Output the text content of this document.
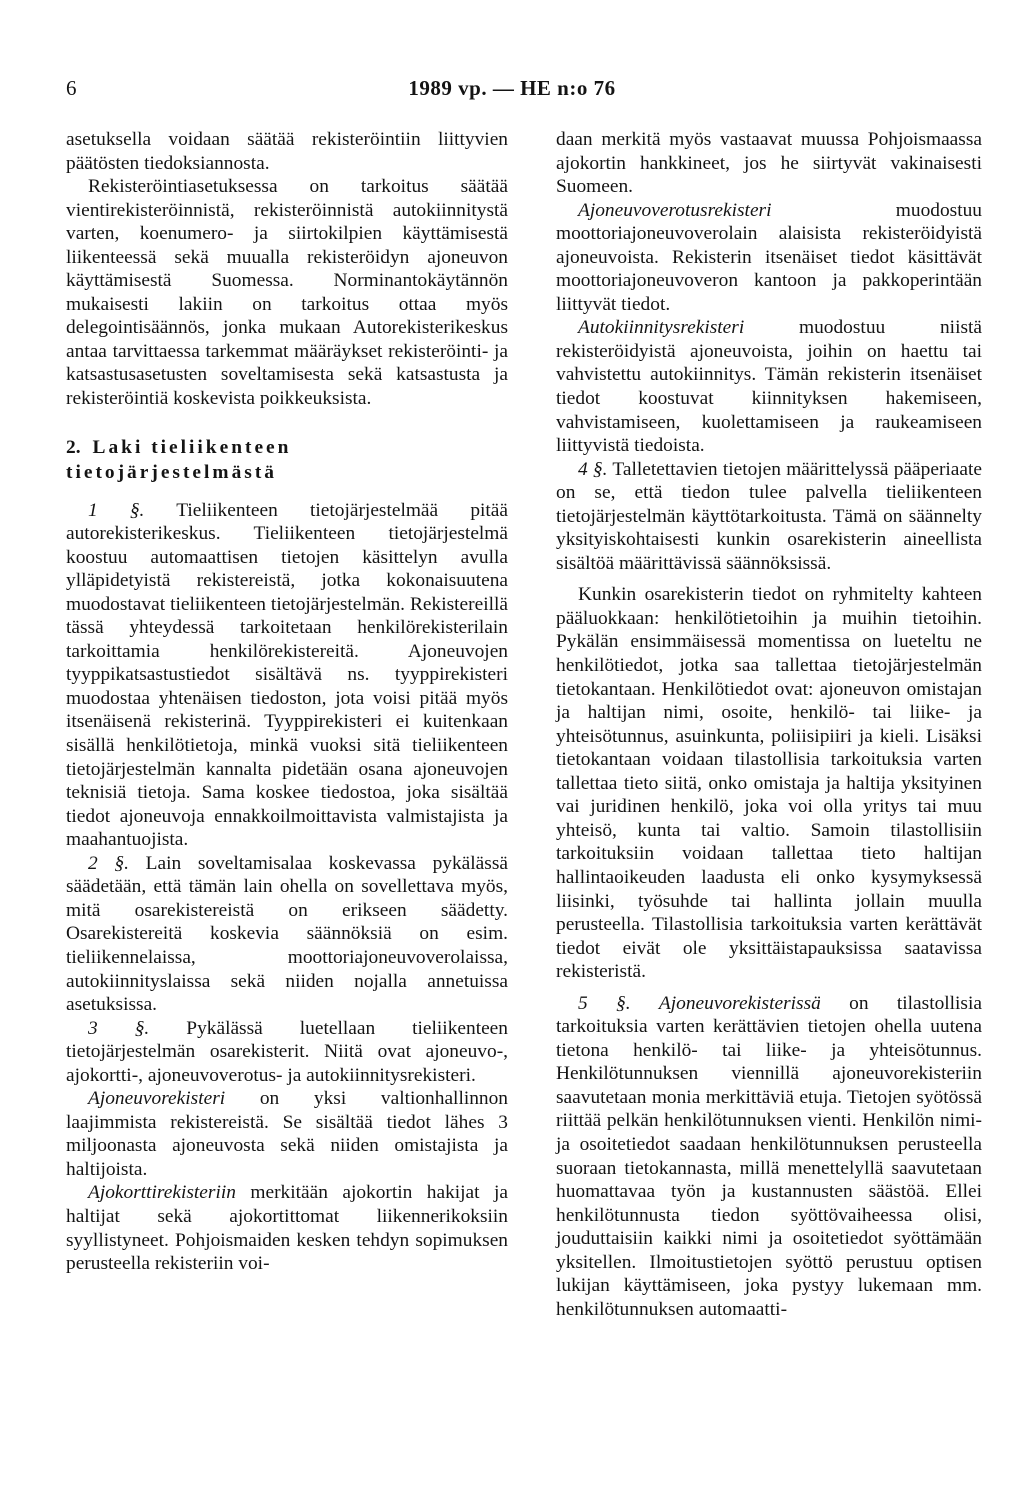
6	1989 vp. — HE n:o 76

asetuksella voidaan säätää rekisteröintiin liittyvien päätösten tiedoksiannosta.

Rekisteröintiasetuksessa on tarkoitus säätää vientirekisteröinnistä, rekisteröinnistä autokiinnitystä varten, koenumero- ja siirtokilpien käyttämisestä liikenteessä sekä muualla rekisteröidyn ajoneuvon käyttämisestä Suomessa. Norminantokäytännön mukaisesti lakiin on tarkoitus ottaa myös delegointisäännös, jonka mukaan Autorekisterikeskus antaa tarvittaessa tarkemmat määräykset rekisteröinti- ja katsastusasetusten soveltamisesta sekä katsastusta ja rekisteröintiä koskevista poikkeuksista.

2. Laki tieliikenteen tietojärjestelmästä

1 §. Tieliikenteen tietojärjestelmää pitää autorekisterikeskus. Tieliikenteen tietojärjestelmä koostuu automaattisen tietojen käsittelyn avulla ylläpidetyistä rekistereistä, jotka kokonaisuutena muodostavat tieliikenteen tietojärjestelmän. Rekistereillä tässä yhteydessä tarkoitetaan henkilörekisterilain tarkoittamia henkilörekistereitä. Ajoneuvojen tyyppikatsastustiedot sisältävä ns. tyyppirekisteri muodostaa yhtenäisen tiedoston, jota voisi pitää myös itsenäisenä rekisterinä. Tyyppirekisteri ei kuitenkaan sisällä henkilötietoja, minkä vuoksi sitä tieliikenteen tietojärjestelmän kannalta pidetään osana ajoneuvojen teknisiä tietoja. Sama koskee tiedostoa, joka sisältää tiedot ajoneuvoja ennakkoilmoittavista valmistajista ja maahantuojista.

2 §. Lain soveltamisalaa koskevassa pykälässä säädetään, että tämän lain ohella on sovellettava myös, mitä osarekistereistä on erikseen säädetty. Osarekistereitä koskevia säännöksiä on esim. tieliikennelaissa, moottoriajoneuvoverolaissa, autokiinnityslaissa sekä niiden nojalla annetuissa asetuksissa.

3 §. Pykälässä luetellaan tieliikenteen tietojärjestelmän osarekisterit. Niitä ovat ajoneuvo-, ajokortti-, ajoneuvoverotus- ja autokiinnitysrekisteri.

Ajoneuvorekisteri on yksi valtionhallinnon laajimmista rekistereistä. Se sisältää tiedot lähes 3 miljoonasta ajoneuvosta sekä niiden omistajista ja haltijoista.

Ajokorttirekisteriin merkitään ajokortin hakijat ja haltijat sekä ajokortittomat liikennerikoksiin syyllistyneet. Pohjoismaiden kesken tehdyn sopimuksen perusteella rekisteriin voi-

daan merkitä myös vastaavat muussa Pohjoismaassa ajokortin hankkineet, jos he siirtyvät vakinaisesti Suomeen.

Ajoneuvoverotusrekisteri	muodostuu moottoriajoneuvoverolain alaisista rekisteröidyistä ajoneuvoista. Rekisterin itsenäiset tiedot käsittävät moottoriajoneuvoveron kantoon ja pakkoperintään liittyvät tiedot.

Autokiinnitysrekisteri	muodostuu niistä rekisteröidyistä ajoneuvoista, joihin on haettu tai vahvistettu autokiinnitys. Tämän rekisterin itsenäiset tiedot koostuvat kiinnityksen hakemiseen, vahvistamiseen, kuolettamiseen ja raukeamiseen liittyvistä tiedoista.

4 §. Talletettavien tietojen määrittelyssä pääperiaate on se, että tiedon tulee palvella tieliikenteen tietojärjestelmän käyttötarkoitusta. Tämä on säännelty yksityiskohtaisesti kunkin osarekisterin aineellista sisältöä määrittävissä säännöksissä.

Kunkin osarekisterin tiedot on ryhmitelty kahteen pääluokkaan: henkilötietoihin ja muihin tietoihin. Pykälän ensimmäisessä momentissa on lueteltu ne henkilötiedot, jotka saa tallettaa tietojärjestelmän tietokantaan. Henkilötiedot ovat: ajoneuvon omistajan ja haltijan nimi, osoite, henkilö- tai liike- ja yhteisötunnus, asuinkunta, poliisipiiri ja kieli. Lisäksi tietokantaan voidaan tilastollisia tarkoituksia varten tallettaa tieto siitä, onko omistaja ja haltija yksityinen vai juridinen henkilö, joka voi olla yritys tai muu yhteisö, kunta tai valtio. Samoin tilastollisiin tarkoituksiin voidaan tallettaa tieto haltijan hallintaoikeuden laadusta eli onko kysymyksessä liisinki, työsuhde tai hallinta jollain muulla perusteella. Tilastollisia tarkoituksia varten kerättävät tiedot eivät ole yksittäistapauksissa saatavissa rekisteristä.

5 §. Ajoneuvorekisterissä on tilastollisia tarkoituksia varten kerättävien tietojen ohella uutena tietona henkilö- tai liike- ja yhteisötunnus. Henkilötunnuksen viennillä ajoneuvorekisteriin saavutetaan monia merkittäviä etuja. Tietojen syötössä riittää pelkän henkilötunnuksen vienti. Henkilön nimi- ja osoitetiedot saadaan henkilötunnuksen perusteella suoraan tietokannasta, millä menettelyllä saavutetaan huomattavaa työn ja kustannusten säästöä. Ellei henkilötunnusta tiedon syöttövaiheessa olisi, jouduttaisiin kaikki nimi ja osoitetiedot syöttämään yksitellen. Ilmoitustietojen syöttö perustuu optisen lukijan käyttämiseen, joka pystyy lukemaan mm. henkilötunnuksen automaatti-
